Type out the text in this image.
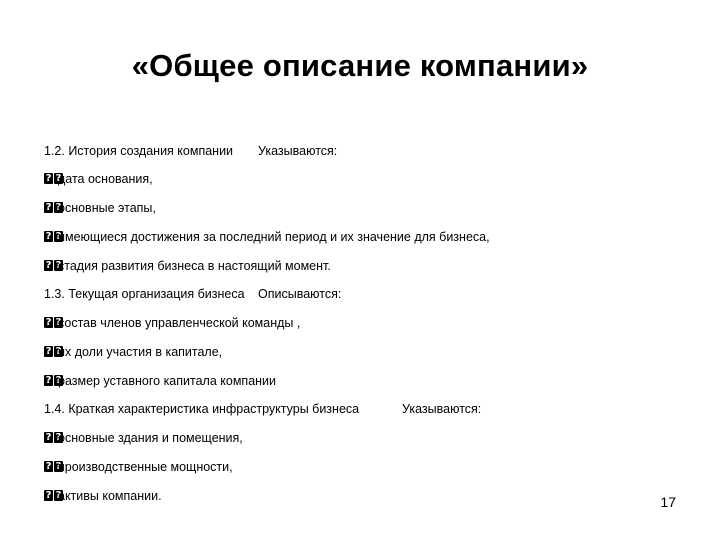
«Общее описание компании»
1.2. История создания компании Указываются:
?
?
дата основания,
?
?
основные этапы,
?
?
имеющиеся достижения за последний период и их значение для бизнеса,
?
?
стадия развития бизнеса в настоящий момент.
1.3. Текущая организация бизнеса Описываются:
?
?
состав членов управленческой команды ,
?
?
их доли участия в капитале,
?
?
размер уставного капитала компании
1.4. Краткая характеристика инфраструктуры бизнеса	Указываются:
?
?
основные здания и помещения,
?
?
производственные мощности,
?
?
активы компании.	17
